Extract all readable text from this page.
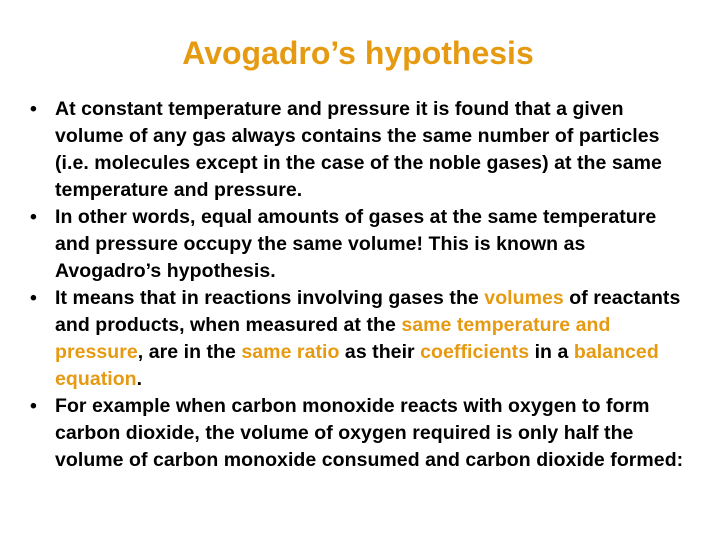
Avogadro’s hypothesis
• At constant temperature and pressure it is found that a given volume of any gas always contains the same number of particles (i.e. molecules except in the case of the noble gases) at the same temperature and pressure.
• In other words, equal amounts of gases at the same temperature and pressure occupy the same volume! This is known as Avogadro’s hypothesis.
• It means that in reactions involving gases the volumes of reactants and products, when measured at the same temperature and pressure, are in the same ratio as their coefficients in a balanced equation.
• For example when carbon monoxide reacts with oxygen to form carbon dioxide, the volume of oxygen required is only half the volume of carbon monoxide consumed and carbon dioxide formed:
